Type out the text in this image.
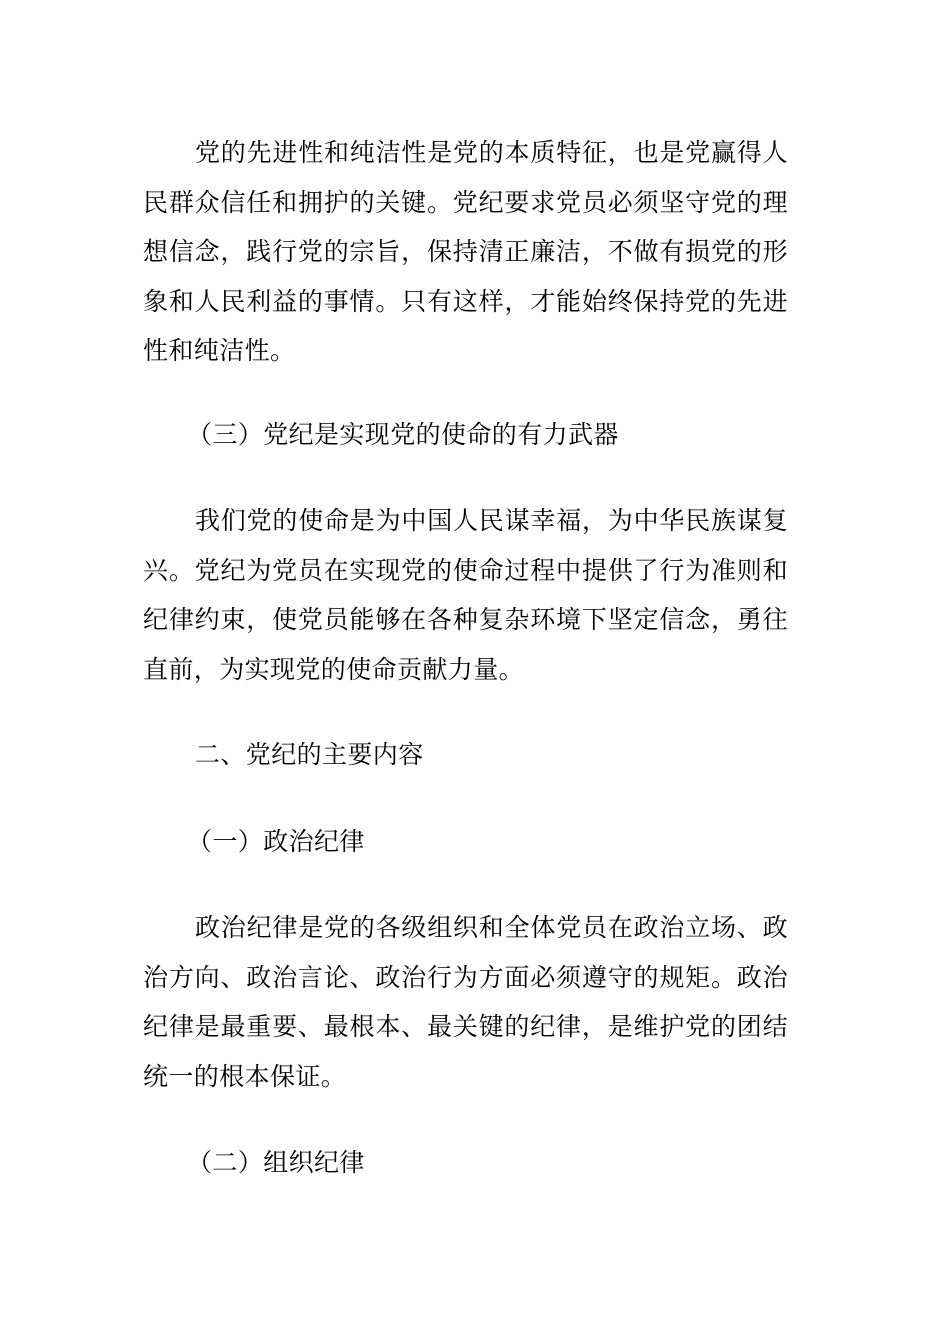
党的先进性和纯洁性是党的本质特征，也是党赢得人民群众信任和拥护的关键。党纪要求党员必须坚守党的理想信念，践行党的宗旨，保持清正廉洁，不做有损党的形象和人民利益的事情。只有这样，才能始终保持党的先进性和纯洁性。

（三）党纪是实现党的使命的有力武器

我们党的使命是为中国人民谋幸福，为中华民族谋复兴。党纪为党员在实现党的使命过程中提供了行为准则和纪律约束，使党员能够在各种复杂环境下坚定信念，勇往直前，为实现党的使命贡献力量。

二、党纪的主要内容

（一）政治纪律

政治纪律是党的各级组织和全体党员在政治立场、政治方向、政治言论、政治行为方面必须遵守的规矩。政治纪律是最重要、最根本、最关键的纪律，是维护党的团结统一的根本保证。

（二）组织纪律
